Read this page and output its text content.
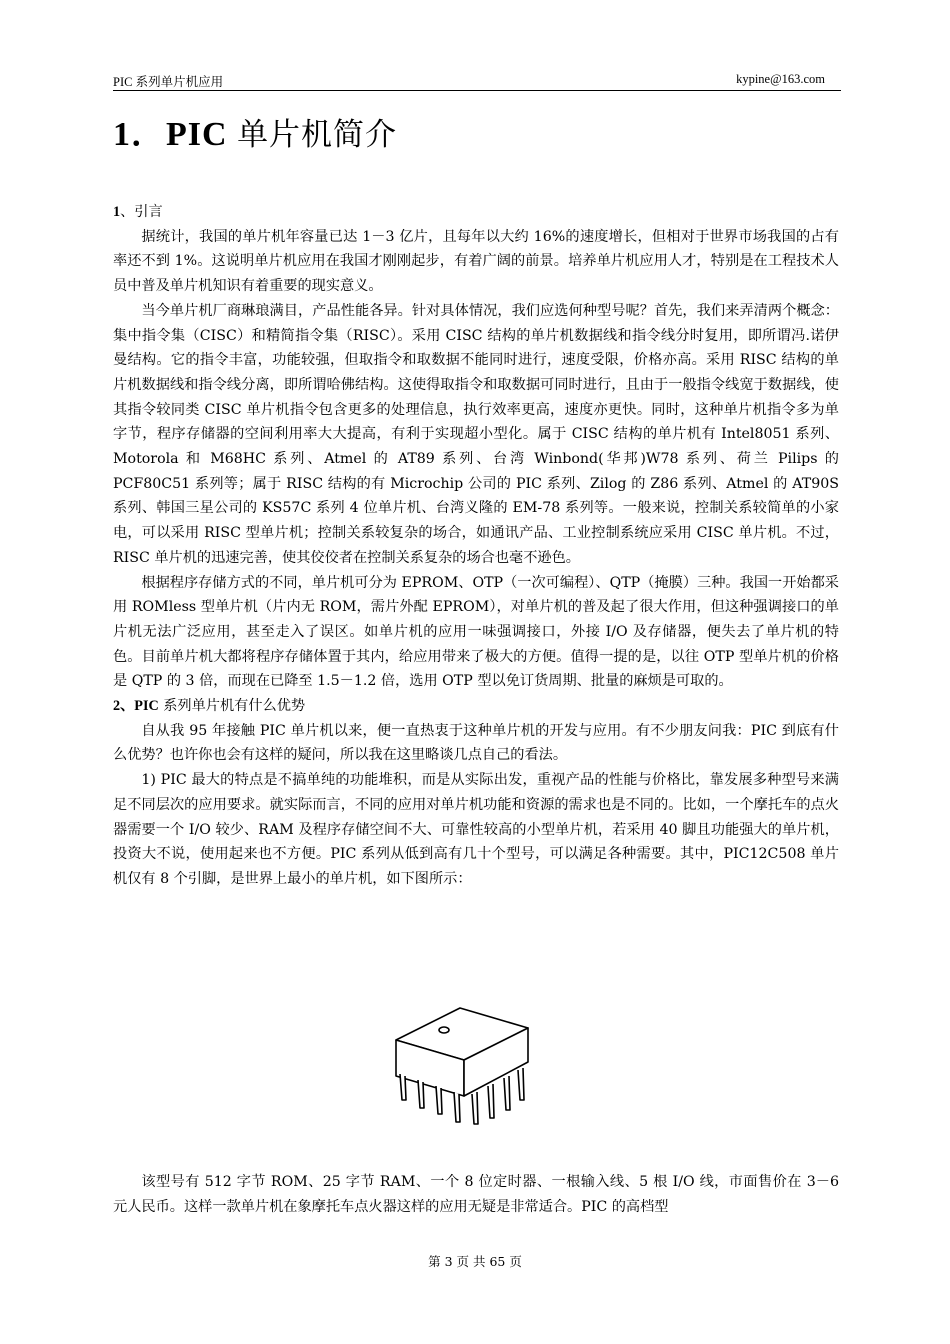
PIC 系列单片机应用	kypine@163.com
1．PIC 单片机简介

1、引言

据统计，我国的单片机年容量已达 1－3 亿片，且每年以大约 16%的速度增长，但相对于世界市场我国的占有率还不到 1%。这说明单片机应用在我国才刚刚起步，有着广阔的前景。培养单片机应用人才，特别是在工程技术人员中普及单片机知识有着重要的现实意义。

当今单片机厂商琳琅满目，产品性能各异。针对具体情况，我们应选何种型号呢？首先，我们来弄清两个概念：集中指令集（CISC）和精简指令集（RISC）。采用 CISC 结构的单片机数据线和指令线分时复用，即所谓冯.诺伊曼结构。它的指令丰富，功能较强，但取指令和取数据不能同时进行，速度受限，价格亦高。采用 RISC 结构的单片机数据线和指令线分离，即所谓哈佛结构。这使得取指令和取数据可同时进行，且由于一般指令线宽于数据线，使其指令较同类 CISC 单片机指令包含更多的处理信息，执行效率更高，速度亦更快。同时，这种单片机指令多为单字节，程序存储器的空间利用率大大提高，有利于实现超小型化。属于 CISC 结构的单片机有 Intel8051 系列、Motorola 和 M68HC 系列、Atmel 的 AT89 系列、台湾 Winbond(华邦)W78 系列、荷兰 Pilips 的 PCF80C51 系列等；属于 RISC 结构的有 Microchip 公司的 PIC 系列、Zilog 的 Z86 系列、Atmel 的 AT90S 系列、韩国三星公司的 KS57C 系列 4 位单片机、台湾义隆的 EM-78 系列等。一般来说，控制关系较简单的小家电，可以采用 RISC 型单片机；控制关系较复杂的场合，如通讯产品、工业控制系统应采用 CISC 单片机。不过，RISC 单片机的迅速完善，使其佼佼者在控制关系复杂的场合也毫不逊色。

根据程序存储方式的不同，单片机可分为 EPROM、OTP（一次可编程）、QTP（掩膜）三种。我国一开始都采用 ROMless 型单片机（片内无 ROM，需片外配 EPROM），对单片机的普及起了很大作用，但这种强调接口的单片机无法广泛应用，甚至走入了误区。如单片机的应用一味强调接口，外接 I/O 及存储器，便失去了单片机的特色。目前单片机大都将程序存储体置于其内，给应用带来了极大的方便。值得一提的是，以往 OTP 型单片机的价格是 QTP 的 3 倍，而现在已降至 1.5－1.2 倍，选用 OTP 型以免订货周期、批量的麻烦是可取的。

2、PIC 系列单片机有什么优势

自从我 95 年接触 PIC 单片机以来，便一直热衷于这种单片机的开发与应用。有不少朋友问我：PIC 到底有什么优势？也许你也会有这样的疑问，所以我在这里略谈几点自己的看法。

1) PIC 最大的特点是不搞单纯的功能堆积，而是从实际出发，重视产品的性能与价格比，靠发展多种型号来满足不同层次的应用要求。就实际而言，不同的应用对单片机功能和资源的需求也是不同的。比如，一个摩托车的点火器需要一个 I/O 较少、RAM 及程序存储空间不大、可靠性较高的小型单片机，若采用 40 脚且功能强大的单片机，投资大不说，使用起来也不方便。PIC 系列从低到高有几十个型号，可以满足各种需要。其中，PIC12C508 单片机仅有 8 个引脚，是世界上最小的单片机，如下图所示：

该型号有 512 字节 ROM、25 字节 RAM、一个 8 位定时器、一根输入线、5 根 I/O 线，市面售价在 3－6 元人民币。这样一款单片机在象摩托车点火器这样的应用无疑是非常适合。PIC 的高档型

第 3 页 共 65 页
